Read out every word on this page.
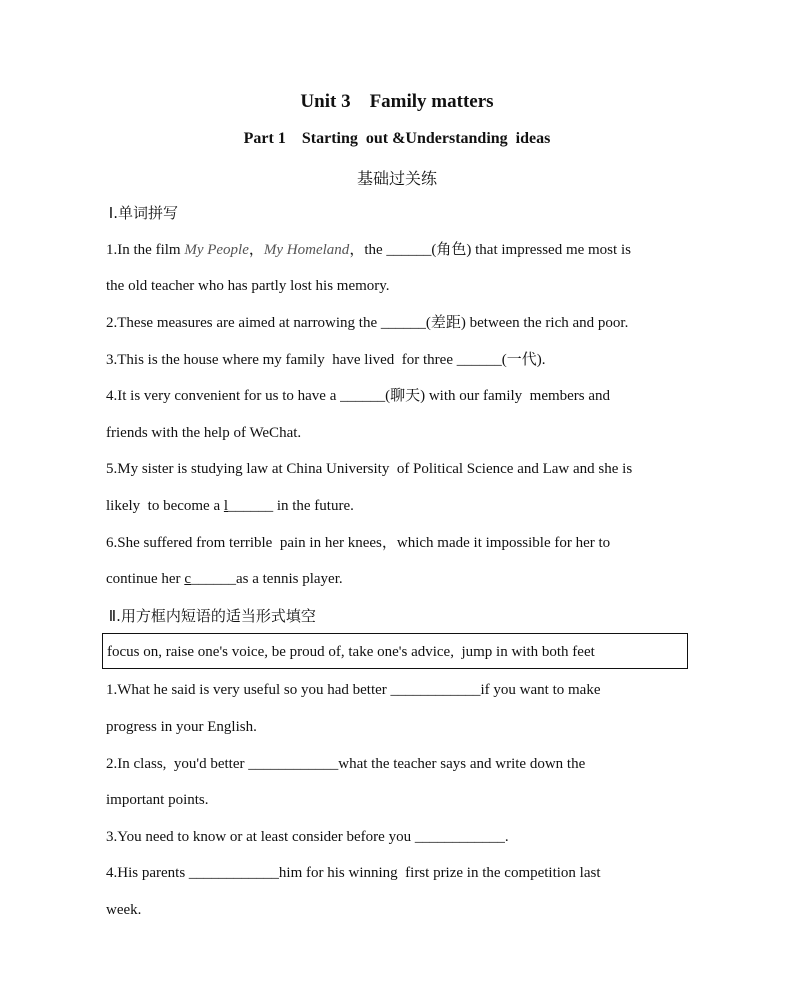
Unit 3    Family matters
Part 1    Starting  out &Understanding  ideas
基础过关练
Ⅰ.单词拼写
1.In the film My People，My Homeland，the ______(角色) that impressed me most is
the old teacher who has partly lost his memory.
2.These measures are aimed at narrowing the ______(差距) between the rich and poor.
3.This is the house where my family  have lived  for three ______(一代).
4.It is very convenient for us to have a ______(聊天) with our family  members and
friends with the help of WeChat.
5.My sister is studying law at China University  of Political Science and Law and she is
likely  to become a l______ in the future.
6.She suffered from terrible  pain in her knees，which made it impossible for her to
continue her c______as a tennis player.
Ⅱ.用方框内短语的适当形式填空
focus on, raise one's voice, be proud of, take one's advice,  jump in with both feet
1.What he said is very useful so you had better ____________if you want to make
progress in your English.
2.In class,  you'd better ____________what the teacher says and write down the
important points.
3.You need to know or at least consider before you ____________.
4.His parents ____________him for his winning  first prize in the competition last
week.
